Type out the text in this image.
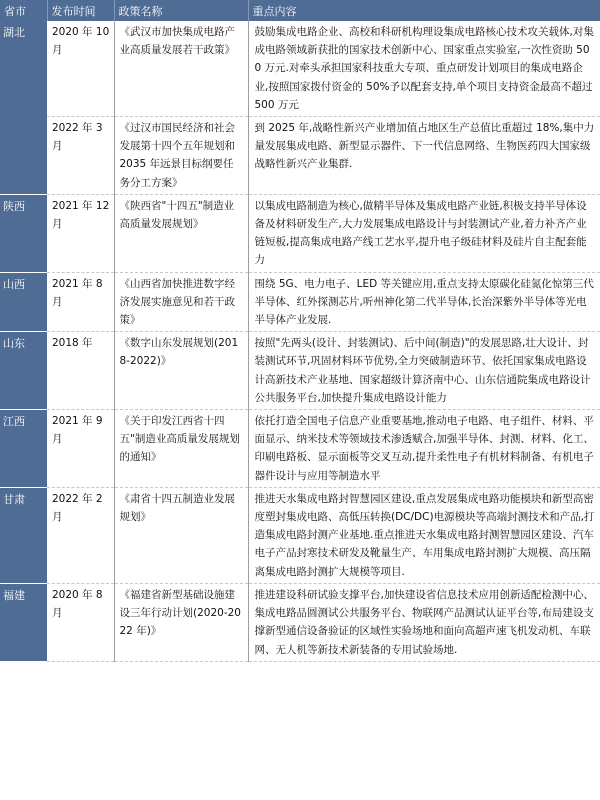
省市	发布时间	政策名称	重点内容
湖北	2020 年 10 月	《武汉市加快集成电路产业高质量发展若干政策》	鼓励集成电路企业、高校和科研机构理设集成电路核心技术攻关载体,对集成电路领域新获批的国家技术创新中心、国家重点实验室,一次性资助 500 万元.对牵头承担国家科技重大专项、重点研发计划项目的集成电路企业,按照国家拨付资金的 50%予以配套支持,单个项目支持资金最高不超过 500 万元
	2022 年 3 月	《过汉市国民经济和社会发展第十四个五年规划和 2035 年远景目标纲要任务分工方案》	到 2025 年,战略性新兴产业增加值占地区生产总值比重超过 18%,集中力量发展集成电路、新型显示器件、下一代信息网络、生物医药四大国家级战略性新兴产业集群.
陕西	2021 年 12 月	《陕西省"十四五"制造业高质量发展规划》	以集成电路制造为核心,做精半导体及集成电路产业链,积极支持半导体设备及材料研发生产,大力发展集成电路设计与封装测试产业,着力补齐产业链短板,提高集成电路产线工艺水平,提升电子级硅材料及硅片自主配套能力
山西	2021 年 8 月	《山西省加快推进数字经济发展实施意见和若干政策》	围绕 5G、电力电子、LED 等关键应用,重点支持太原碳化硅氮化惊第三代半导体、红外探测芯片,听州神化第二代半导体,长治深紫外半导体等光电半导体产业发展.
山东	2018 年	《数字山东发展规划(2018-2022)》	按照"先两头(设计、封装测试)、后中间(制造)"的发展思路,壮大设计、封装测试环节,巩固材料环节优势,全力突破制造环节、依托国家集成电路设计高新技术产业基地、国家超级计算济南中心、山东信通院集成电路设计公共服务平台,加快提升集成电路设计能力
江西	2021 年 9 月	《关于印发江西省十四五"制造业高质量发展规划的通知》	依托打造全国电子信息产业重要基地,推动电子电路、电子组件、材料、平面显示、纳米技术等领域技术渗透赋合,加强半导体、封测、材料、化工、印刷电路板、显示面板等交叉互动,提升柔性电子有机材料制备、有机电子器件设计与应用等制造水平
甘肃	2022 年 2 月	《肃省十四五制造业发展规划》	推进天水集成电路封智慧园区建设,重点发展集成电路功能模块和新型高密度塑封集成电路、高低压转换(DC/DC)电源模块等高端封测技术和产品,打造集成电路封测产业基地.重点推进天水集成电路封测智慧园区建设、汽车电子产品封寒技术研发及靴量生产、车用集成电路封测扩大规模、高压隔离集成电路封测扩大规模等项目.
福建	2020 年 8 月	《福建省新型基础设施建设三年行动计划(2020-2022 年)》	推进建设科研试验支撑平台,加快建设省信息技术应用创新适配检测中心、集成电路品圆测试公共服务平台、物联网产品测试认证平台等,布局建设支撑新型通信设备验证的区域性实验场地和面向高超声速飞机发动机、车联网、无人机等新技术新装备的专用试验场地.
